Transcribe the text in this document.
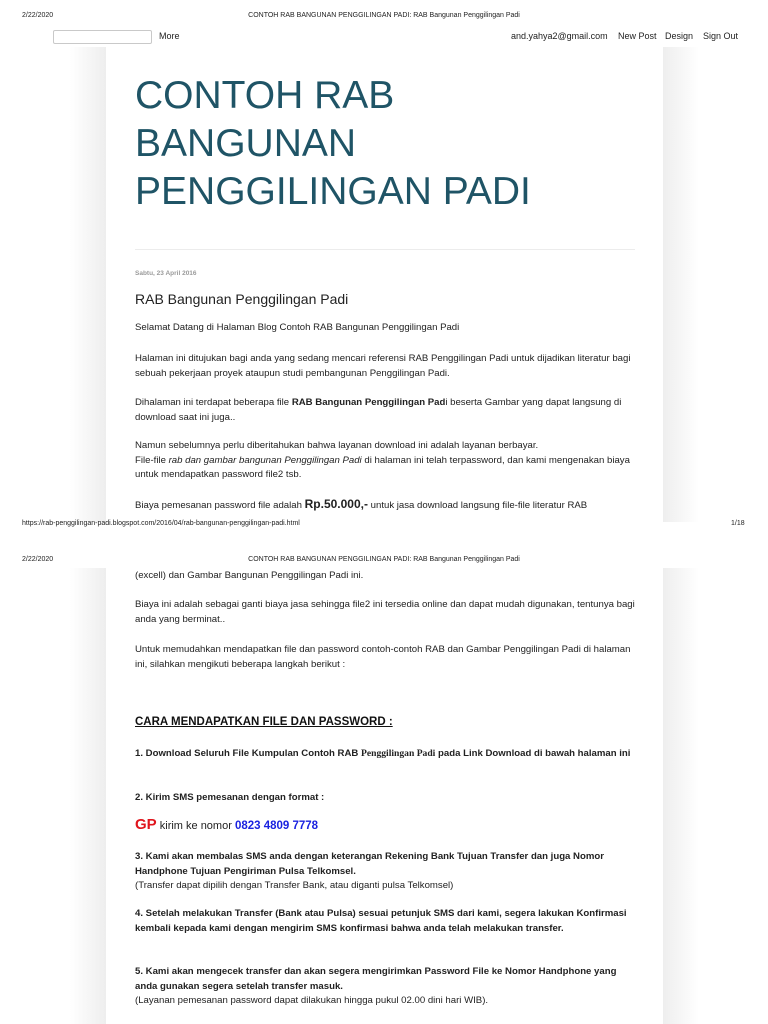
2/22/2020	CONTOH RAB BANGUNAN PENGGILINGAN PADI: RAB Bangunan Penggilingan Padi
More	and.yahya2@gmail.com New Post Design Sign Out
CONTOH RAB
BANGUNAN
PENGGILINGAN PADI
Sabtu, 23 April 2016
RAB Bangunan Penggilingan Padi
Selamat Datang di Halaman Blog Contoh RAB Bangunan Penggilingan Padi
Halaman ini ditujukan bagi anda yang sedang mencari referensi RAB Penggilingan Padi untuk dijadikan literatur bagi sebuah pekerjaan proyek ataupun studi pembangunan Penggilingan Padi.
Dihalaman ini terdapat beberapa file RAB Bangunan Penggilingan Padi beserta Gambar yang dapat langsung di download saat ini juga..
Namun sebelumnya perlu diberitahukan bahwa layanan download ini adalah layanan berbayar.
File-file rab dan gambar bangunan Penggilingan Padi di halaman ini telah terpassword, dan kami mengenakan biaya untuk mendapatkan password file2 tsb.
Biaya pemesanan password file adalah Rp.50.000,- untuk jasa download langsung file-file literatur RAB
https://rab-penggilingan-padi.blogspot.com/2016/04/rab-bangunan-penggilingan-padi.html	1/18
2/22/2020	CONTOH RAB BANGUNAN PENGGILINGAN PADI: RAB Bangunan Penggilingan Padi
(excell) dan Gambar Bangunan Penggilingan Padi ini.
Biaya ini adalah sebagai ganti biaya jasa sehingga file2 ini tersedia online dan dapat mudah digunakan, tentunya bagi anda yang berminat..
Untuk memudahkan mendapatkan file dan password contoh-contoh RAB dan Gambar Penggilingan Padi di halaman ini, silahkan mengikuti beberapa langkah berikut :
CARA MENDAPATKAN FILE DAN PASSWORD :
1. Download Seluruh File Kumpulan Contoh RAB Penggilingan Padi pada Link Download di bawah halaman ini
2. Kirim SMS pemesanan dengan format :
GP kirim ke nomor 0823 4809 7778
3. Kami akan membalas SMS anda dengan keterangan Rekening Bank Tujuan Transfer dan juga Nomor Handphone Tujuan Pengiriman Pulsa Telkomsel.
(Transfer dapat dipilih dengan Transfer Bank, atau diganti pulsa Telkomsel)
4. Setelah melakukan Transfer (Bank atau Pulsa) sesuai petunjuk SMS dari kami, segera lakukan Konfirmasi kembali kepada kami dengan mengirim SMS konfirmasi bahwa anda telah melakukan transfer.
5. Kami akan mengecek transfer dan akan segera mengirimkan Password File ke Nomor Handphone yang anda gunakan segera setelah transfer masuk.
(Layanan pemesanan password dapat dilakukan hingga pukul 02.00 dini hari WIB).
